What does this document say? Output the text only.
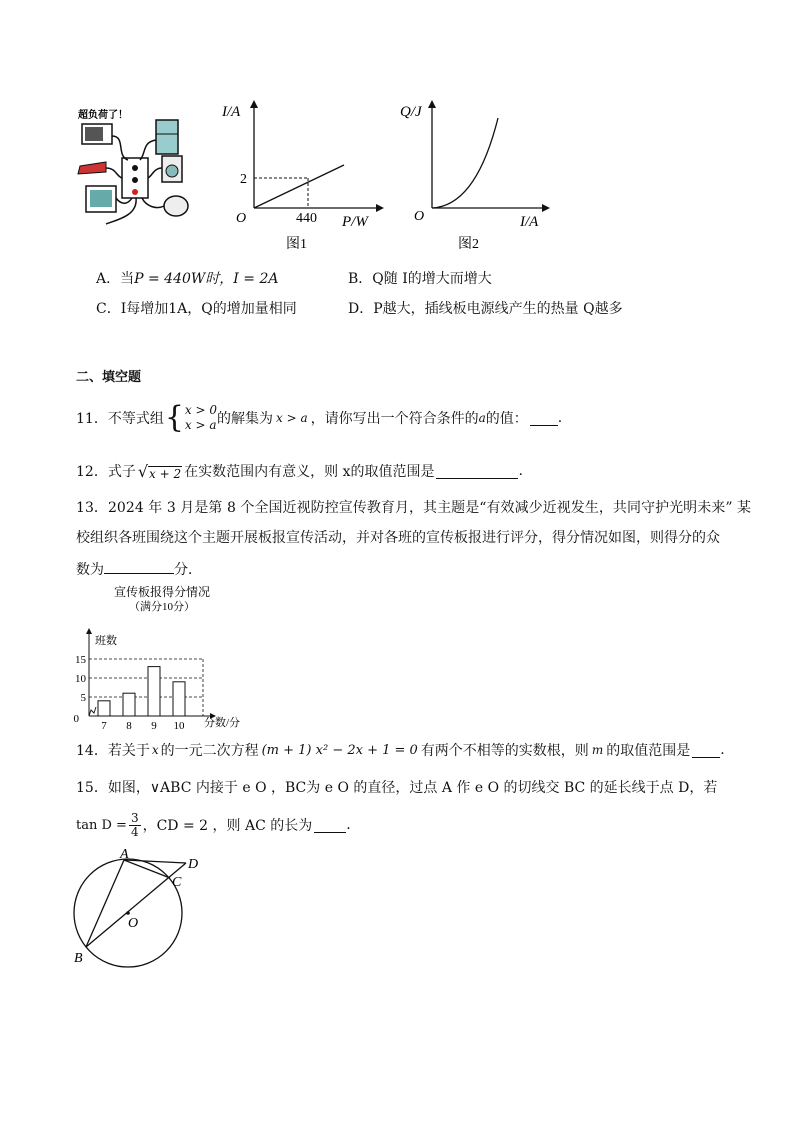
超负荷了！	I/A
P/W
O	440
2
图1
Q/J
I/A
O
图2
A．当P = 440W时，I = 2A	B．Q随 I的增大而增大
C．I每增加1A，Q的增加量相同	D．P越大，插线板电源线产生的热量 Q越多
二、填空题
11． 不等式组 { x > 0
x > a 的解集为 x > a ，请你写出一个符合条件的 a 的值： .
12． 式子 √ x + 2 在实数范围内有意义，则 x的取值范围是	.
13．2024 年 3 月是第 8 个全国近视防控宣传教育月，其主题是“有效减少近视发生，共同守护光明未来” 某
校组织各班围绕这个主题开展板报宣传活动，并对各班的宣传板报进行评分，得分情况如图，则得分的众
数为	分．
宣传板报得分情况
（满分10分）
班数
分数/分
0
5
10
15
7 8 9 10
14． 若关于 x 的一元二次方程 (m + 1) x² − 2x + 1 = 0 有两个不相等的实数根，则 m 的取值范围是 .
15．如图，∨ABC 内接于 e O ，BC为 e O 的直径，过点 A 作 e O 的切线交 BC 的延长线于点 D，若
$\tan D = \frac{3}{4}$ ，CD = 2 ，则 AC 的长为 .
A
B
C
D
O
